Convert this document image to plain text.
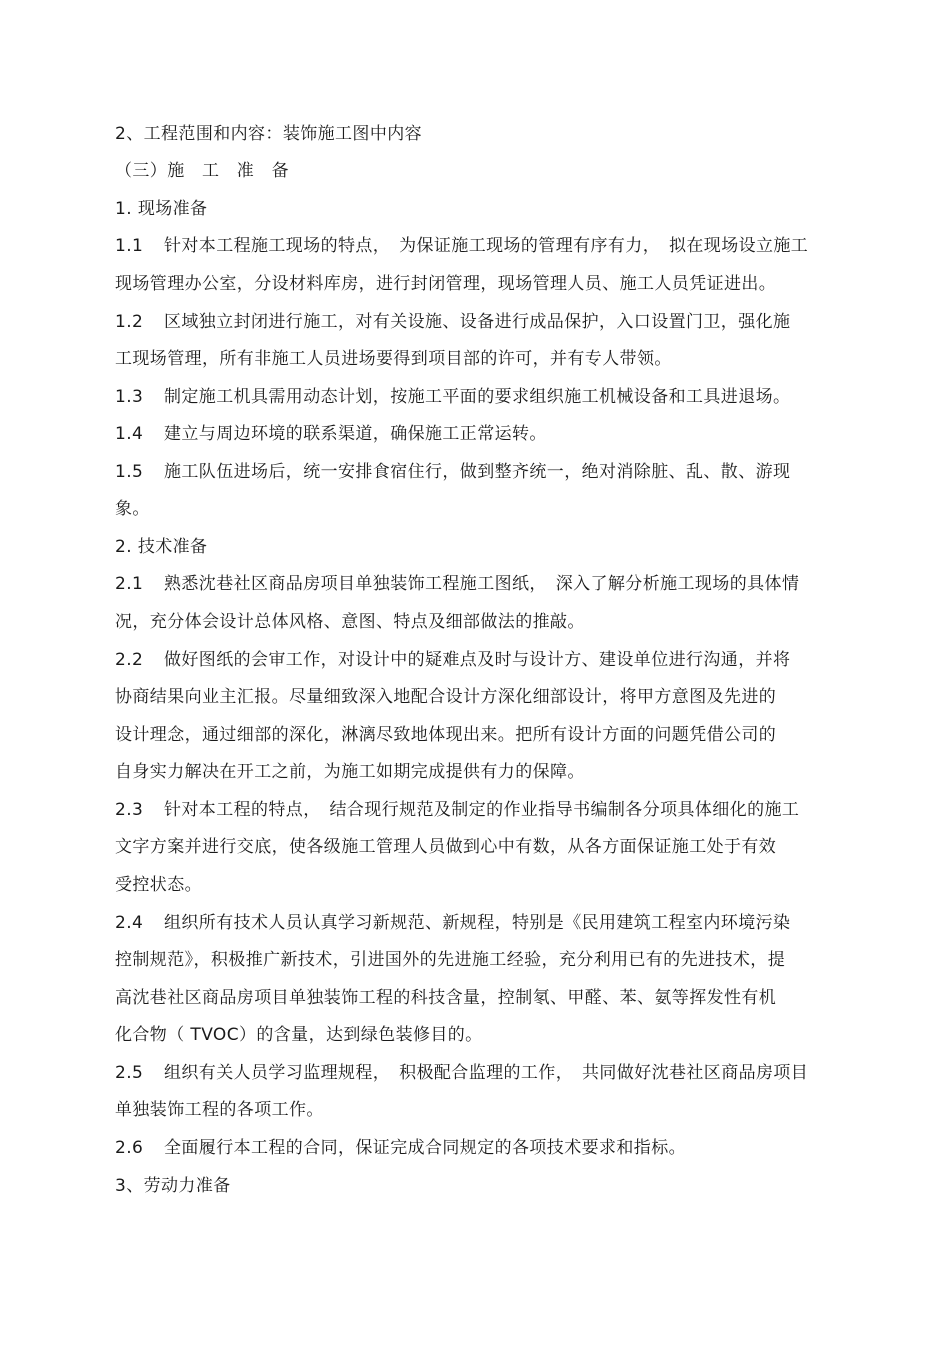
2、工程范围和内容：装饰施工图中内容
（三）施　工　准　备
1. 现场准备
1.1 针对本工程施工现场的特点，　为保证施工现场的管理有序有力，　拟在现场设立施工
现场管理办公室，分设材料库房，进行封闭管理，现场管理人员、施工人员凭证进出。
1.2 区域独立封闭进行施工，对有关设施、设备进行成品保护，入口设置门卫，强化施
工现场管理，所有非施工人员进场要得到项目部的许可，并有专人带领。
1.3 制定施工机具需用动态计划，按施工平面的要求组织施工机械设备和工具进退场。
1.4 建立与周边环境的联系渠道，确保施工正常运转。
1.5 施工队伍进场后，统一安排食宿住行，做到整齐统一，绝对消除脏、乱、散、游现
象。
2. 技术准备
2.1 熟悉沈巷社区商品房项目单独装饰工程施工图纸，　深入了解分析施工现场的具体情
况，充分体会设计总体风格、意图、特点及细部做法的推敲。
2.2 做好图纸的会审工作，对设计中的疑难点及时与设计方、建设单位进行沟通，并将
协商结果向业主汇报。尽量细致深入地配合设计方深化细部设计，将甲方意图及先进的
设计理念，通过细部的深化，淋漓尽致地体现出来。把所有设计方面的问题凭借公司的
自身实力解决在开工之前，为施工如期完成提供有力的保障。
2.3 针对本工程的特点，　结合现行规范及制定的作业指导书编制各分项具体细化的施工
文字方案并进行交底，使各级施工管理人员做到心中有数，从各方面保证施工处于有效
受控状态。
2.4 组织所有技术人员认真学习新规范、新规程，特别是《民用建筑工程室内环境污染
控制规范》，积极推广新技术，引进国外的先进施工经验，充分利用已有的先进技术，提
高沈巷社区商品房项目单独装饰工程的科技含量，控制氡、甲醛、苯、氨等挥发性有机
化合物（ TVOC）的含量，达到绿色装修目的。
2.5 组织有关人员学习监理规程，　积极配合监理的工作，　共同做好沈巷社区商品房项目
单独装饰工程的各项工作。
2.6 全面履行本工程的合同，保证完成合同规定的各项技术要求和指标。
3、劳动力准备
